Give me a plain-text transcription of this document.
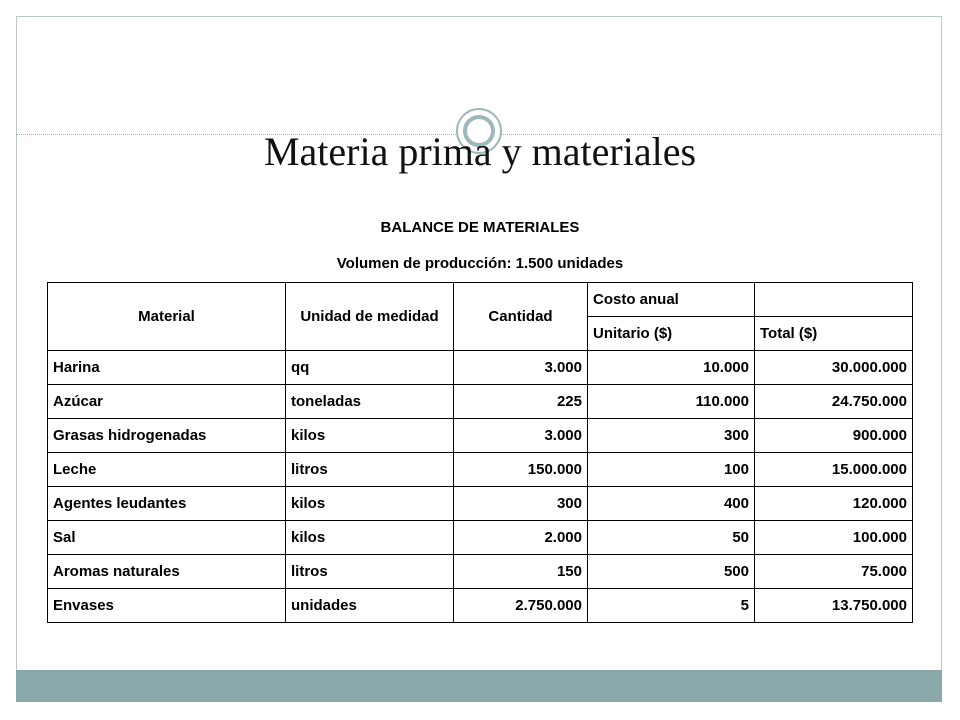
Materia prima y materiales
BALANCE DE MATERIALES
Volumen de producción: 1.500 unidades
Material	Unidad de medidad	Cantidad	Costo anual	
			Unitario ($)	Total ($)
Harina	qq	3.000	10.000	30.000.000
Azúcar	toneladas	225	110.000	24.750.000
Grasas hidrogenadas	kilos	3.000	300	900.000
Leche	litros	150.000	100	15.000.000
Agentes leudantes	kilos	300	400	120.000
Sal	kilos	2.000	50	100.000
Aromas naturales	litros	150	500	75.000
Envases	unidades	2.750.000	5	13.750.000
